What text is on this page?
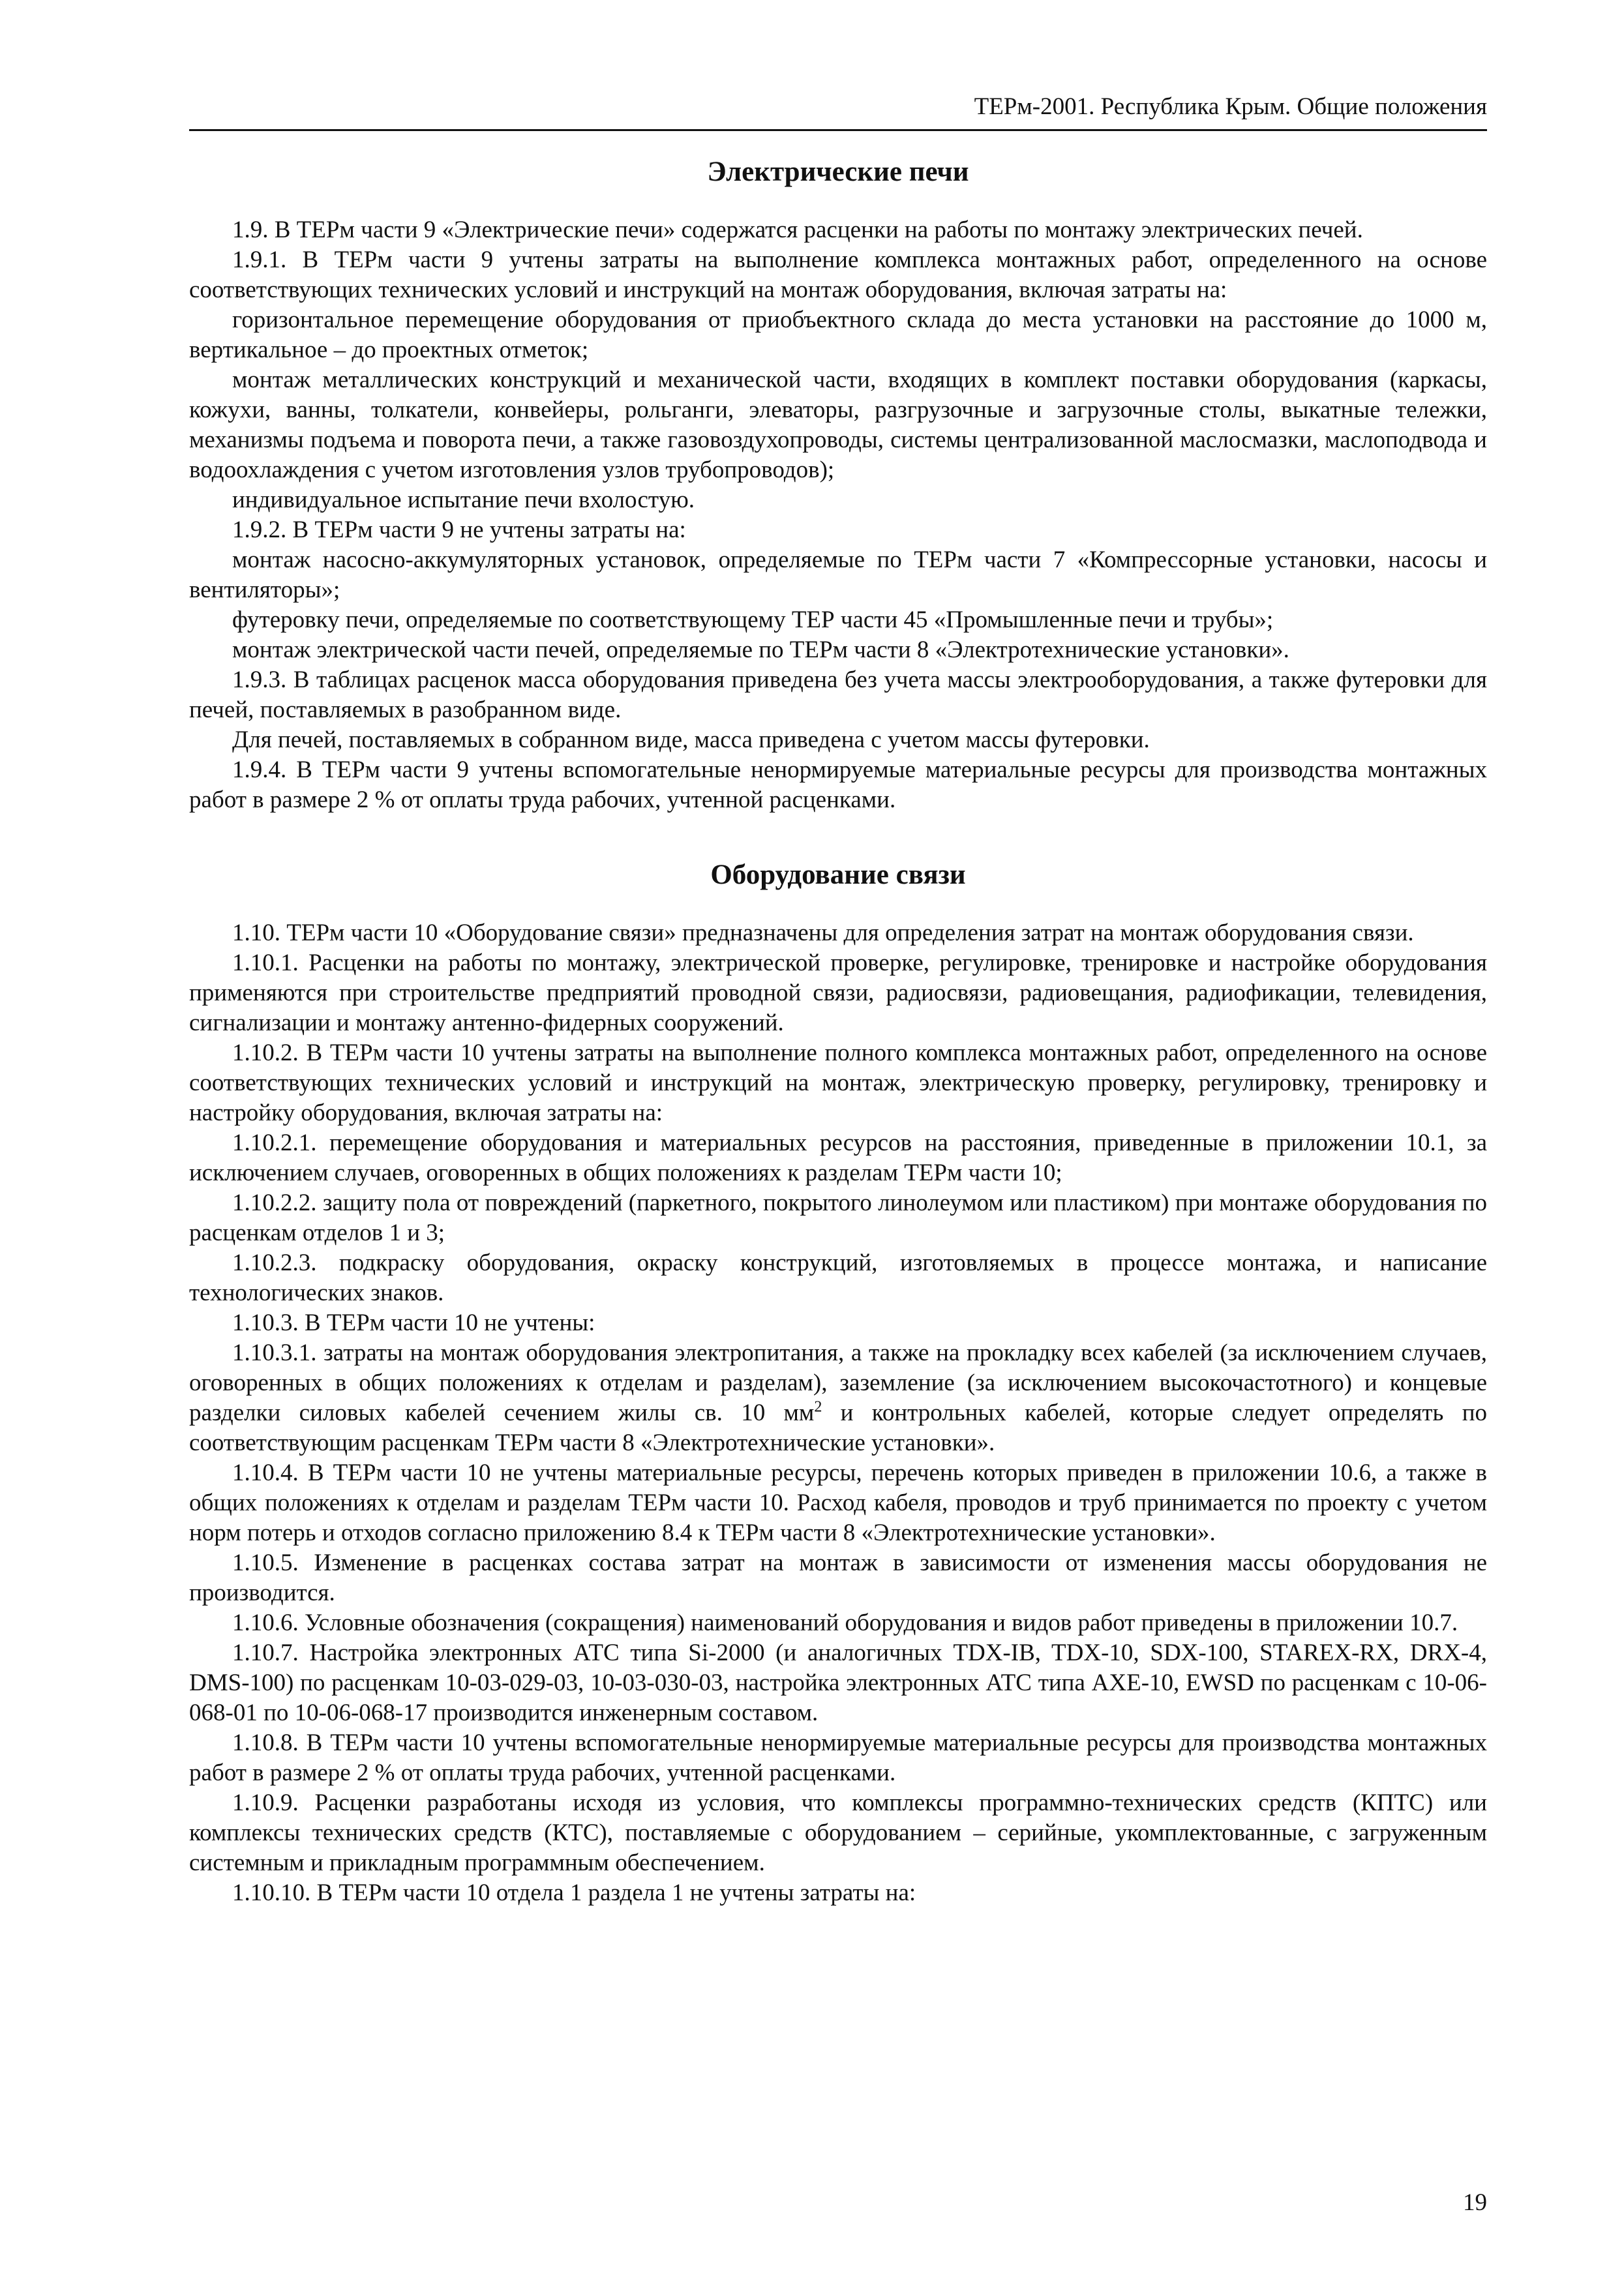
ТЕРм-2001. Республика Крым. Общие положения
Электрические печи

1.9. В ТЕРм части 9 «Электрические печи» содержатся расценки на работы по монтажу электрических печей.

1.9.1. В ТЕРм части 9 учтены затраты на выполнение комплекса монтажных работ, определенного на основе соответствующих технических условий и инструкций на монтаж оборудования, включая затраты на:

горизонтальное перемещение оборудования от приобъектного склада до места установки на расстояние до 1000 м, вертикальное – до проектных отметок;

монтаж металлических конструкций и механической части, входящих в комплект поставки оборудования (каркасы, кожухи, ванны, толкатели, конвейеры, рольганги, элеваторы, разгрузочные и загрузочные столы, выкатные тележки, механизмы подъема и поворота печи, а также газовоздухопроводы, системы централизованной маслосмазки, маслоподвода и водоохлаждения с учетом изготовления узлов трубопроводов);

индивидуальное испытание печи вхолостую.

1.9.2. В ТЕРм части 9 не учтены затраты на:

монтаж насосно-аккумуляторных установок, определяемые по ТЕРм части 7 «Компрессорные установки, насосы и вентиляторы»;

футеровку печи, определяемые по соответствующему ТЕР части 45 «Промышленные печи и трубы»;

монтаж электрической части печей, определяемые по ТЕРм части 8 «Электротехнические установки».

1.9.3. В таблицах расценок масса оборудования приведена без учета массы электрооборудования, а также футеровки для печей, поставляемых в разобранном виде.

Для печей, поставляемых в собранном виде, масса приведена с учетом массы футеровки.

1.9.4. В ТЕРм части 9 учтены вспомогательные ненормируемые материальные ресурсы для производства монтажных работ в размере 2 % от оплаты труда рабочих, учтенной расценками.

Оборудование связи

1.10. ТЕРм части 10 «Оборудование связи» предназначены для определения затрат на монтаж оборудования связи.

1.10.1. Расценки на работы по монтажу, электрической проверке, регулировке, тренировке и настройке оборудования применяются при строительстве предприятий проводной связи, радиосвязи, радиовещания, радиофикации, телевидения, сигнализации и монтажу антенно-фидерных сооружений.

1.10.2. В ТЕРм части 10 учтены затраты на выполнение полного комплекса монтажных работ, определенного на основе соответствующих технических условий и инструкций на монтаж, электрическую проверку, регулировку, тренировку и настройку оборудования, включая затраты на:

1.10.2.1. перемещение оборудования и материальных ресурсов на расстояния, приведенные в приложении 10.1, за исключением случаев, оговоренных в общих положениях к разделам ТЕРм части 10;

1.10.2.2. защиту пола от повреждений (паркетного, покрытого линолеумом или пластиком) при монтаже оборудования по расценкам отделов 1 и 3;

1.10.2.3. подкраску оборудования, окраску конструкций, изготовляемых в процессе монтажа, и написание технологических знаков.

1.10.3. В ТЕРм части 10 не учтены:

1.10.3.1. затраты на монтаж оборудования электропитания, а также на прокладку всех кабелей (за исключением случаев, оговоренных в общих положениях к отделам и разделам), заземление (за исключением высокочастотного) и концевые разделки силовых кабелей сечением жилы св. 10 $мм^2$ и контрольных кабелей, которые следует определять по соответствующим расценкам ТЕРм части 8 «Электротехнические установки».

1.10.4. В ТЕРм части 10 не учтены материальные ресурсы, перечень которых приведен в приложении 10.6, а также в общих положениях к отделам и разделам ТЕРм части 10. Расход кабеля, проводов и труб принимается по проекту с учетом норм потерь и отходов согласно приложению 8.4 к ТЕРм части 8 «Электротехнические установки».

1.10.5. Изменение в расценках состава затрат на монтаж в зависимости от изменения массы оборудования не производится.

1.10.6. Условные обозначения (сокращения) наименований оборудования и видов работ приведены в приложении 10.7.

1.10.7. Настройка электронных АТС типа Si-2000 (и аналогичных TDX-IB, TDX-10, SDX-100, STAREX-RX, DRX-4, DMS-100) по расценкам 10-03-029-03, 10-03-030-03, настройка электронных АТС типа AXE-10, EWSD по расценкам с 10-06-068-01 по 10-06-068-17 производится инженерным составом.

1.10.8. В ТЕРм части 10 учтены вспомогательные ненормируемые материальные ресурсы для производства монтажных работ в размере 2 % от оплаты труда рабочих, учтенной расценками.

1.10.9. Расценки разработаны исходя из условия, что комплексы программно-технических средств (КПТС) или комплексы технических средств (КТС), поставляемые с оборудованием – серийные, укомплектованные, с загруженным системным и прикладным программным обеспечением.

1.10.10. В ТЕРм части 10 отдела 1 раздела 1 не учтены затраты на:

19
